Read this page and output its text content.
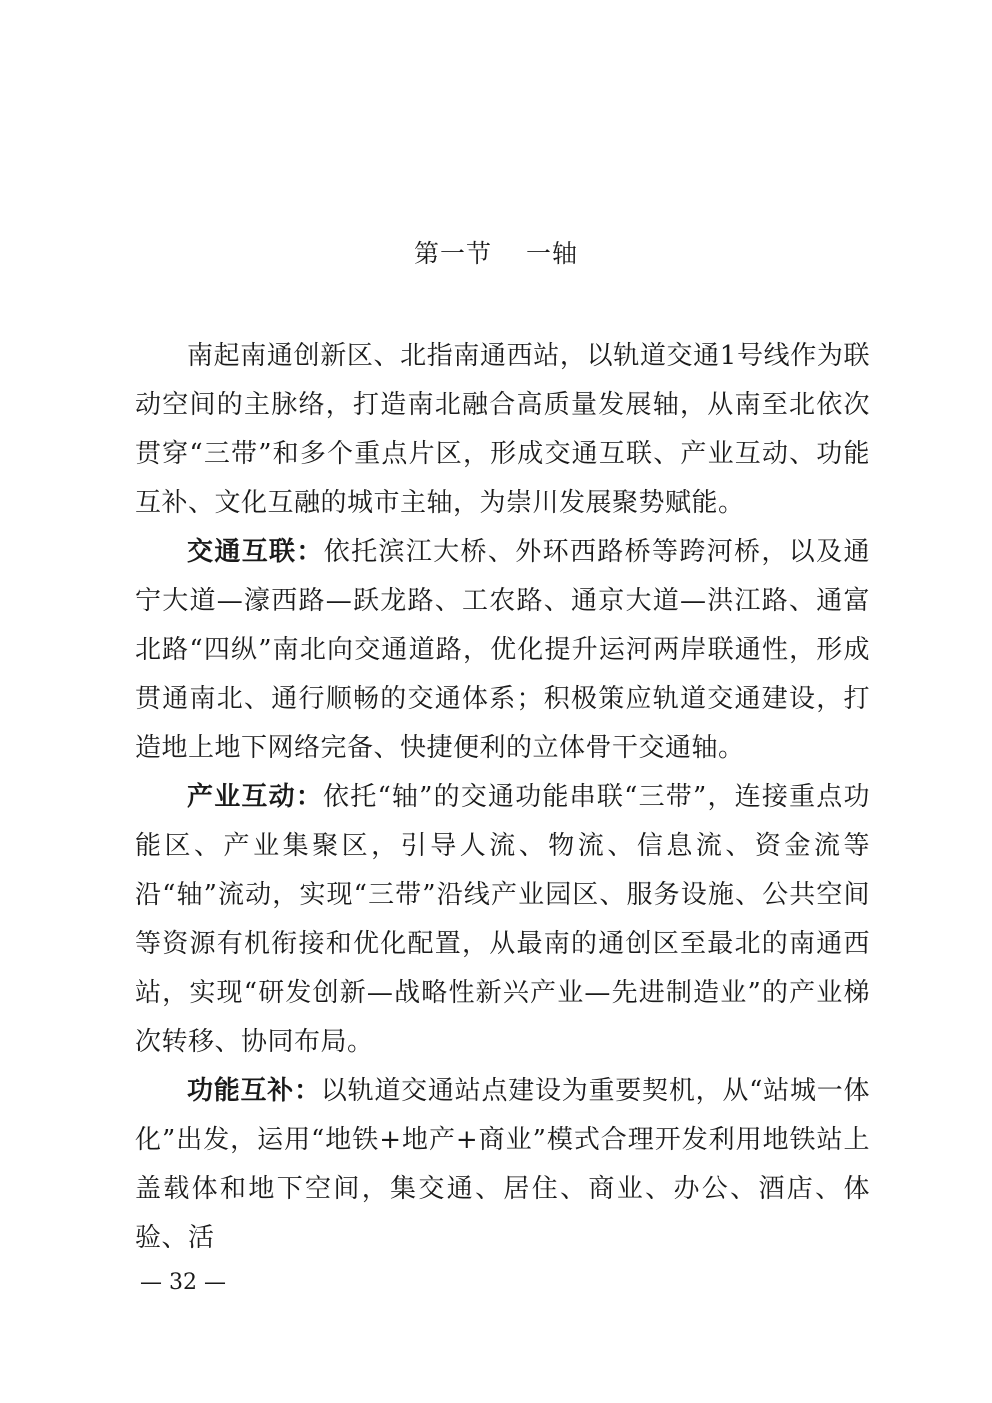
第一节 一轴

南起南通创新区、北指南通西站，以轨道交通1号线作为联动空间的主脉络，打造南北融合高质量发展轴，从南至北依次贯穿“三带”和多个重点片区，形成交通互联、产业互动、功能互补、文化互融的城市主轴，为崇川发展聚势赋能。

交通互联：依托滨江大桥、外环西路桥等跨河桥，以及通宁大道—濠西路—跃龙路、工农路、通京大道—洪江路、通富北路“四纵”南北向交通道路，优化提升运河两岸联通性，形成贯通南北、通行顺畅的交通体系；积极策应轨道交通建设，打造地上地下网络完备、快捷便利的立体骨干交通轴。

产业互动：依托“轴”的交通功能串联“三带”，连接重点功能区、产业集聚区，引导人流、物流、信息流、资金流等沿“轴”流动，实现“三带”沿线产业园区、服务设施、公共空间等资源有机衔接和优化配置，从最南的通创区至最北的南通西站，实现“研发创新—战略性新兴产业—先进制造业”的产业梯次转移、协同布局。

功能互补：以轨道交通站点建设为重要契机，从“站城一体化”出发，运用“地铁+地产+商业”模式合理开发利用地铁站上盖载体和地下空间，集交通、居住、商业、办公、酒店、体验、活

— 32 —
